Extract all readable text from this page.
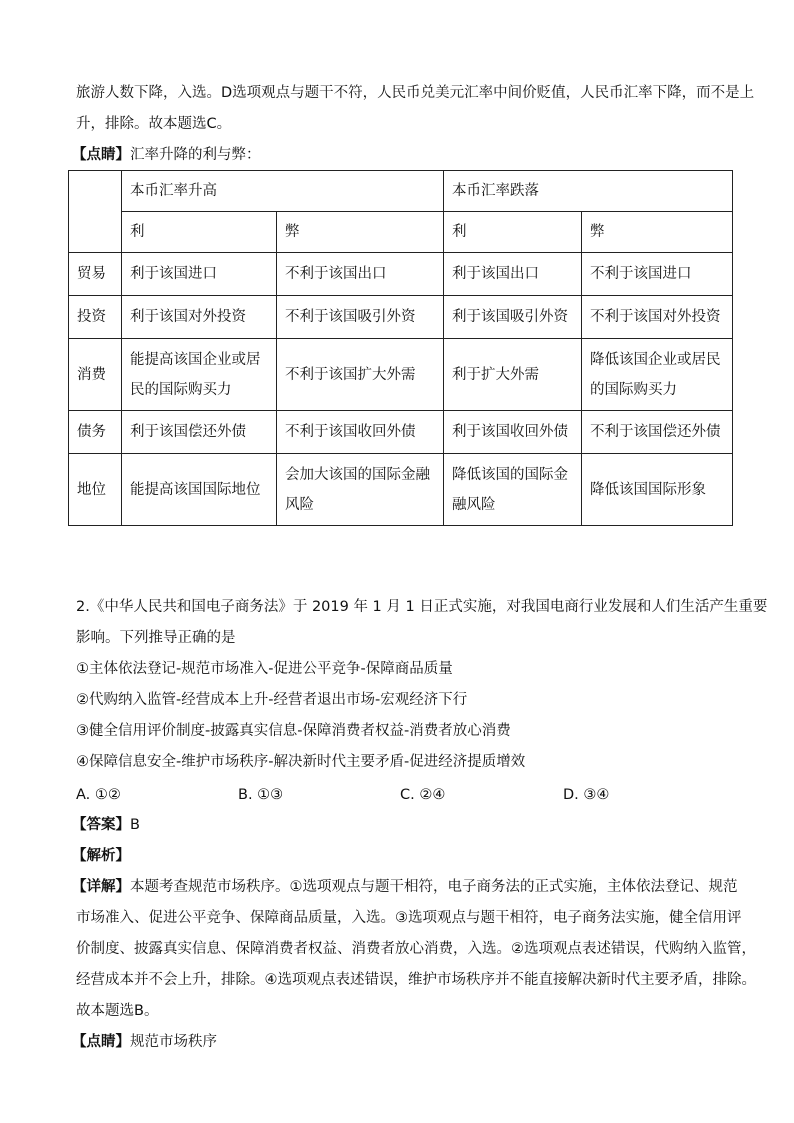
旅游人数下降，入选。D选项观点与题干不符，人民币兑美元汇率中间价贬值，人民币汇率下降，而不是上
升，排除。故本题选C。
【点睛】汇率升降的利与弊：
	本币汇率升高		本币汇率跌落	
	利	弊	利	弊
贸易	利于该国进口	不利于该国出口	利于该国出口	不利于该国进口
投资	利于该国对外投资	不利于该国吸引外资	利于该国吸引外资	不利于该国对外投资
消费	能提高该国企业或居民的国际购买力	不利于该国扩大外需	利于扩大外需	降低该国企业或居民的国际购买力
债务	利于该国偿还外债	不利于该国收回外债	利于该国收回外债	不利于该国偿还外债
地位	能提高该国国际地位	会加大该国的国际金融风险	降低该国的国际金融风险	降低该国国际形象
2.《中华人民共和国电子商务法》于 2019 年 1 月 1 日正式实施，对我国电商行业发展和人们生活产生重要
影响。下列推导正确的是
①主体依法登记-规范市场准入-促进公平竞争-保障商品质量
②代购纳入监管-经营成本上升-经营者退出市场-宏观经济下行
③健全信用评价制度-披露真实信息-保障消费者权益-消费者放心消费
④保障信息安全-维护市场秩序-解决新时代主要矛盾-促进经济提质增效
A. ①②	B. ①③	C. ②④	D. ③④
【答案】B
【解析】
【详解】本题考查规范市场秩序。①选项观点与题干相符，电子商务法的正式实施，主体依法登记、规范
市场准入、促进公平竞争、保障商品质量，入选。③选项观点与题干相符，电子商务法实施，健全信用评
价制度、披露真实信息、保障消费者权益、消费者放心消费，入选。②选项观点表述错误，代购纳入监管，
经营成本并不会上升，排除。④选项观点表述错误，维护市场秩序并不能直接解决新时代主要矛盾，排除。
故本题选B。
【点睛】规范市场秩序
